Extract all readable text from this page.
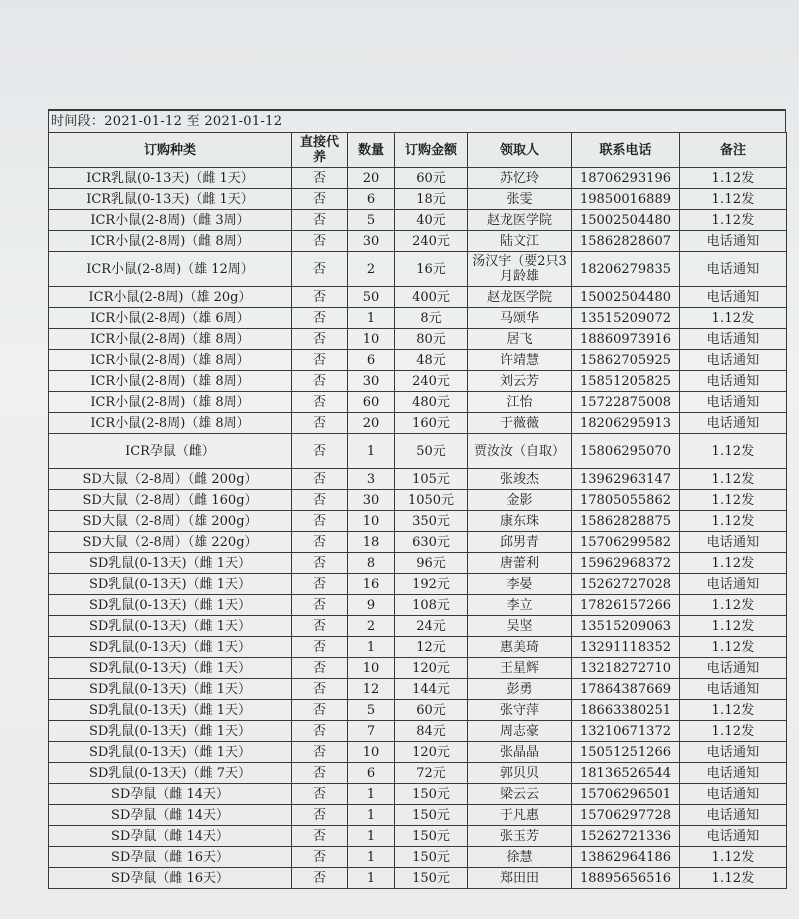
时间段：2021-01-12 至 2021-01-12
订购种类	直接代养	数量	订购金额	领取人	联系电话	备注
ICR乳鼠(0-13天)（雌 1天）	否	20	60元	苏忆玲	18706293196	1.12发
ICR乳鼠(0-13天)（雌 1天）	否	6	18元	张雯	19850016889	1.12发
ICR小鼠(2-8周)（雌 3周）	否	5	40元	赵龙医学院	15002504480	1.12发
ICR小鼠(2-8周)（雌 8周）	否	30	240元	陆文江	15862828607	电话通知
ICR小鼠(2-8周)（雄 12周）	否	2	16元	汤汉宇（要2只3月龄雄	18206279835	电话通知
ICR小鼠(2-8周)（雄 20g）	否	50	400元	赵龙医学院	15002504480	电话通知
ICR小鼠(2-8周)（雄 6周）	否	1	8元	马颂华	13515209072	1.12发
ICR小鼠(2-8周)（雄 8周）	否	10	80元	居飞	18860973916	电话通知
ICR小鼠(2-8周)（雄 8周）	否	6	48元	许靖慧	15862705925	电话通知
ICR小鼠(2-8周)（雄 8周）	否	30	240元	刘云芳	15851205825	电话通知
ICR小鼠(2-8周)（雄 8周）	否	60	480元	江怡	15722875008	电话通知
ICR小鼠(2-8周)（雄 8周）	否	20	160元	于薇薇	18206295913	电话通知
ICR孕鼠（雌）	否	1	50元	贾汝汝（自取）	15806295070	1.12发
SD大鼠（2-8周）（雌 200g）	否	3	105元	张竣杰	13962963147	1.12发
SD大鼠（2-8周）（雌 160g）	否	30	1050元	金影	17805055862	1.12发
SD大鼠（2-8周）（雄 200g）	否	10	350元	康东珠	15862828875	1.12发
SD大鼠（2-8周）（雄 220g）	否	18	630元	邱男青	15706299582	电话通知
SD乳鼠(0-13天)（雌 1天）	否	8	96元	唐蕾利	15962968372	1.12发
SD乳鼠(0-13天)（雌 1天）	否	16	192元	李晏	15262727028	电话通知
SD乳鼠(0-13天)（雌 1天）	否	9	108元	李立	17826157266	1.12发
SD乳鼠(0-13天)（雌 1天）	否	2	24元	吴坚	13515209063	1.12发
SD乳鼠(0-13天)（雌 1天）	否	1	12元	惠美琦	13291118352	1.12发
SD乳鼠(0-13天)（雌 1天）	否	10	120元	王星辉	13218272710	电话通知
SD乳鼠(0-13天)（雌 1天）	否	12	144元	彭勇	17864387669	电话通知
SD乳鼠(0-13天)（雌 1天）	否	5	60元	张守萍	18663380251	1.12发
SD乳鼠(0-13天)（雌 1天）	否	7	84元	周志豪	13210671372	1.12发
SD乳鼠(0-13天)（雌 1天）	否	10	120元	张晶晶	15051251266	电话通知
SD乳鼠(0-13天)（雌 7天）	否	6	72元	郭贝贝	18136526544	电话通知
SD孕鼠（雌 14天）	否	1	150元	梁云云	15706296501	电话通知
SD孕鼠（雌 14天）	否	1	150元	于凡惠	15706297728	电话通知
SD孕鼠（雌 14天）	否	1	150元	张玉芳	15262721336	电话通知
SD孕鼠（雌 16天）	否	1	150元	徐慧	13862964186	1.12发
SD孕鼠（雌 16天）	否	1	150元	郑田田	18895656516	1.12发
